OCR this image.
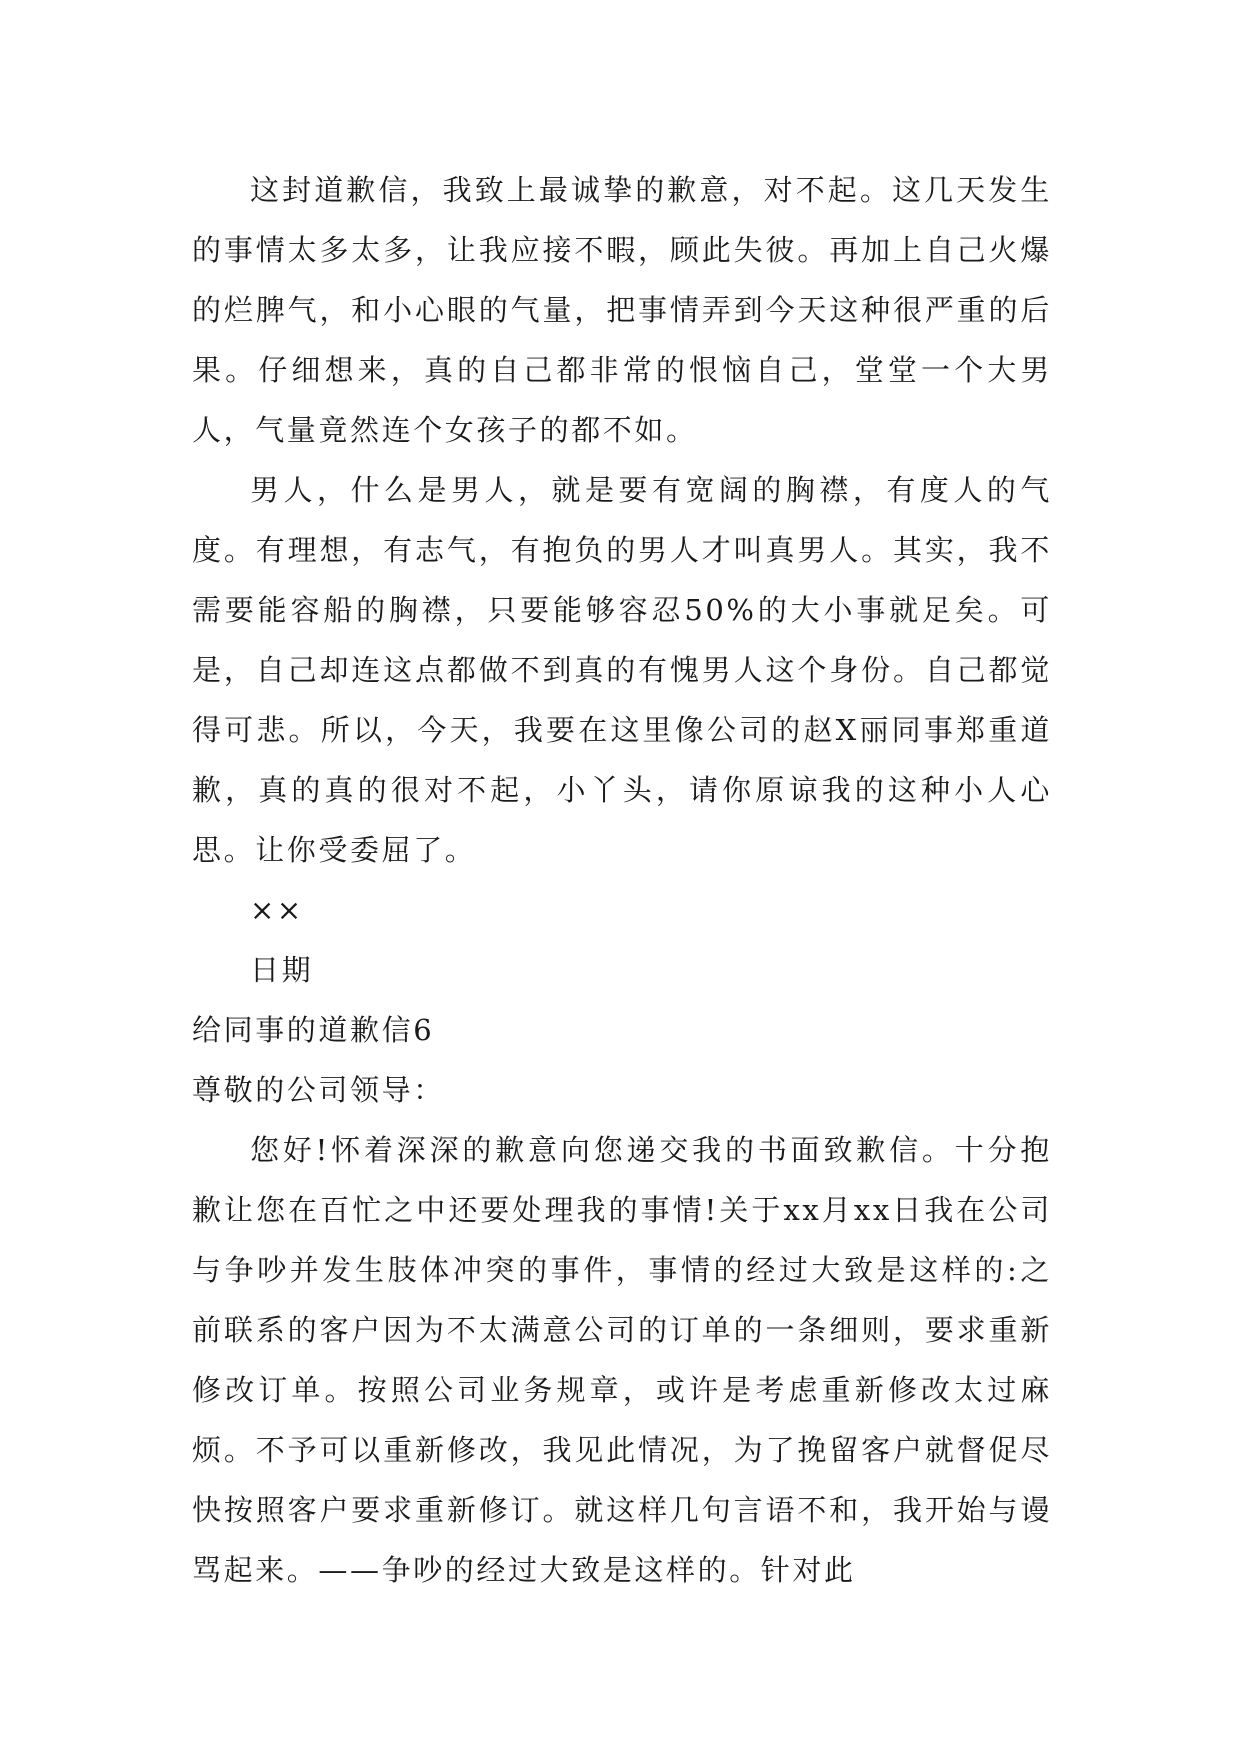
这封道歉信，我致上最诚挚的歉意，对不起。这几天发生的事情太多太多，让我应接不暇，顾此失彼。再加上自己火爆的烂脾气，和小心眼的气量，把事情弄到今天这种很严重的后果。仔细想来，真的自己都非常的恨恼自己，堂堂一个大男人，气量竟然连个女孩子的都不如。

男人，什么是男人，就是要有宽阔的胸襟，有度人的气度。有理想，有志气，有抱负的男人才叫真男人。其实，我不需要能容船的胸襟，只要能够容忍50%的大小事就足矣。可是，自己却连这点都做不到真的有愧男人这个身份。自己都觉得可悲。所以，今天，我要在这里像公司的赵X丽同事郑重道歉，真的真的很对不起，小丫头，请你原谅我的这种小人心思。让你受委屈了。

××

日期

给同事的道歉信6

尊敬的公司领导：

您好!怀着深深的歉意向您递交我的书面致歉信。十分抱歉让您在百忙之中还要处理我的事情!关于xx月xx日我在公司与争吵并发生肢体冲突的事件，事情的经过大致是这样的:之前联系的客户因为不太满意公司的订单的一条细则，要求重新修改订单。按照公司业务规章，或许是考虑重新修改太过麻烦。不予可以重新修改，我见此情况，为了挽留客户就督促尽快按照客户要求重新修订。就这样几句言语不和，我开始与谩骂起来。——争吵的经过大致是这样的。针对此
